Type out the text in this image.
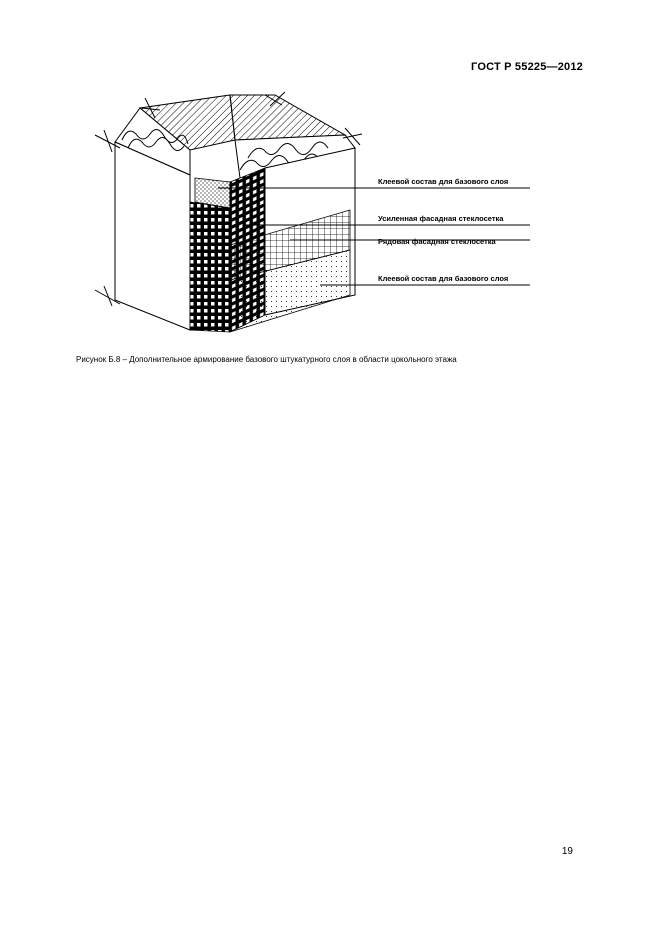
ГОСТ Р 55225—2012
Клеевой состав для базового слоя
Усиленная фасадная стеклосетка
Рядовая фасадная стеклосетка
Клеевой состав для базового слоя
Рисунок Б.8 – Дополнительное армирование базового штукатурного слоя в области цокольного этажа
19
